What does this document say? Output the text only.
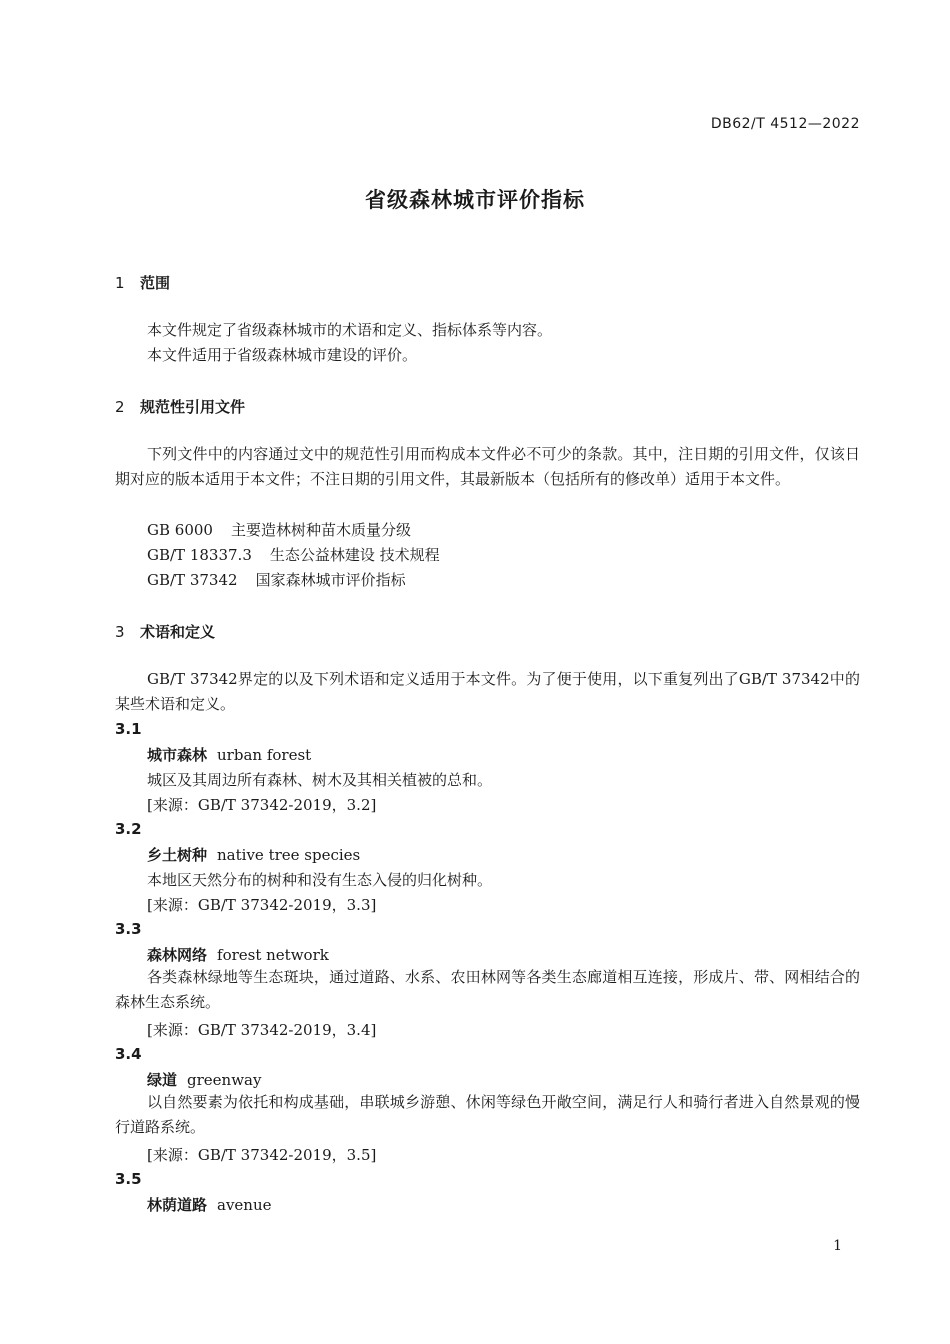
DB62/T 4512—2022
省级森林城市评价指标
1 范围
本文件规定了省级森林城市的术语和定义、指标体系等内容。
本文件适用于省级森林城市建设的评价。
2 规范性引用文件
下列文件中的内容通过文中的规范性引用而构成本文件必不可少的条款。其中，注日期的引用文件，仅该日期对应的版本适用于本文件；不注日期的引用文件，其最新版本（包括所有的修改单）适用于本文件。
GB 6000 主要造林树种苗木质量分级
GB/T 18337.3 生态公益林建设 技术规程
GB/T 37342 国家森林城市评价指标
3 术语和定义
GB/T 37342界定的以及下列术语和定义适用于本文件。为了便于使用，以下重复列出了GB/T 37342中的某些术语和定义。
3.1
城市森林 urban forest
城区及其周边所有森林、树木及其相关植被的总和。
[来源：GB/T 37342-2019，3.2]
3.2
乡土树种 native tree species
本地区天然分布的树种和没有生态入侵的归化树种。
[来源：GB/T 37342-2019，3.3]
3.3
森林网络 forest network
各类森林绿地等生态斑块，通过道路、水系、农田林网等各类生态廊道相互连接，形成片、带、网相结合的森林生态系统。
[来源：GB/T 37342-2019，3.4]
3.4
绿道 greenway
以自然要素为依托和构成基础，串联城乡游憩、休闲等绿色开敞空间，满足行人和骑行者进入自然景观的慢行道路系统。
[来源：GB/T 37342-2019，3.5]
3.5
林荫道路 avenue
1
